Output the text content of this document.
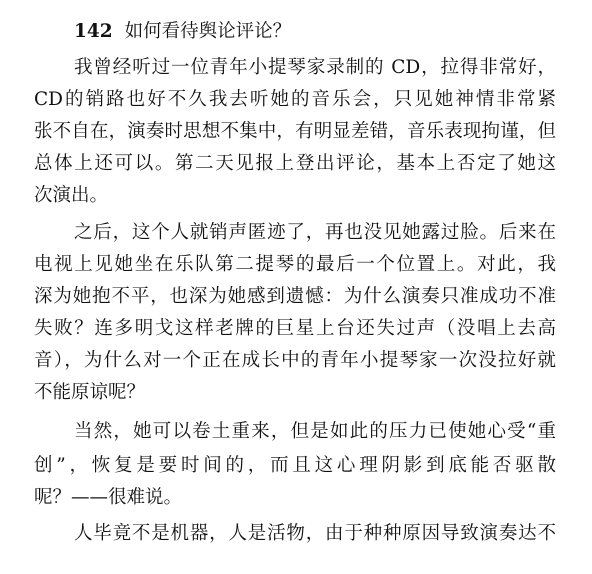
142 如何看待舆论评论？
我曾经听过一位青年小提琴家录制的 CD，拉得非常好，
CD的销路也好不久我去听她的音乐会，只见她神情非常紧
张不自在，演奏时思想不集中，有明显差错，音乐表现拘谨，但
总体上还可以。第二天见报上登出评论，基本上否定了她这
次演出。
之后，这个人就销声匿迹了，再也没见她露过脸。后来在
电视上见她坐在乐队第二提琴的最后一个位置上。对此，我
深为她抱不平，也深为她感到遗憾：为什么演奏只准成功不准
失败？连多明戈这样老牌的巨星上台还失过声（没唱上去高
音），为什么对一个正在成长中的青年小提琴家一次没拉好就
不能原谅呢？
当然，她可以卷土重来，但是如此的压力已使她心受“重
创”，恢复是要时间的，而且这心理阴影到底能否驱散
呢？——很难说。
人毕竟不是机器，人是活物，由于种种原因导致演奏达不
